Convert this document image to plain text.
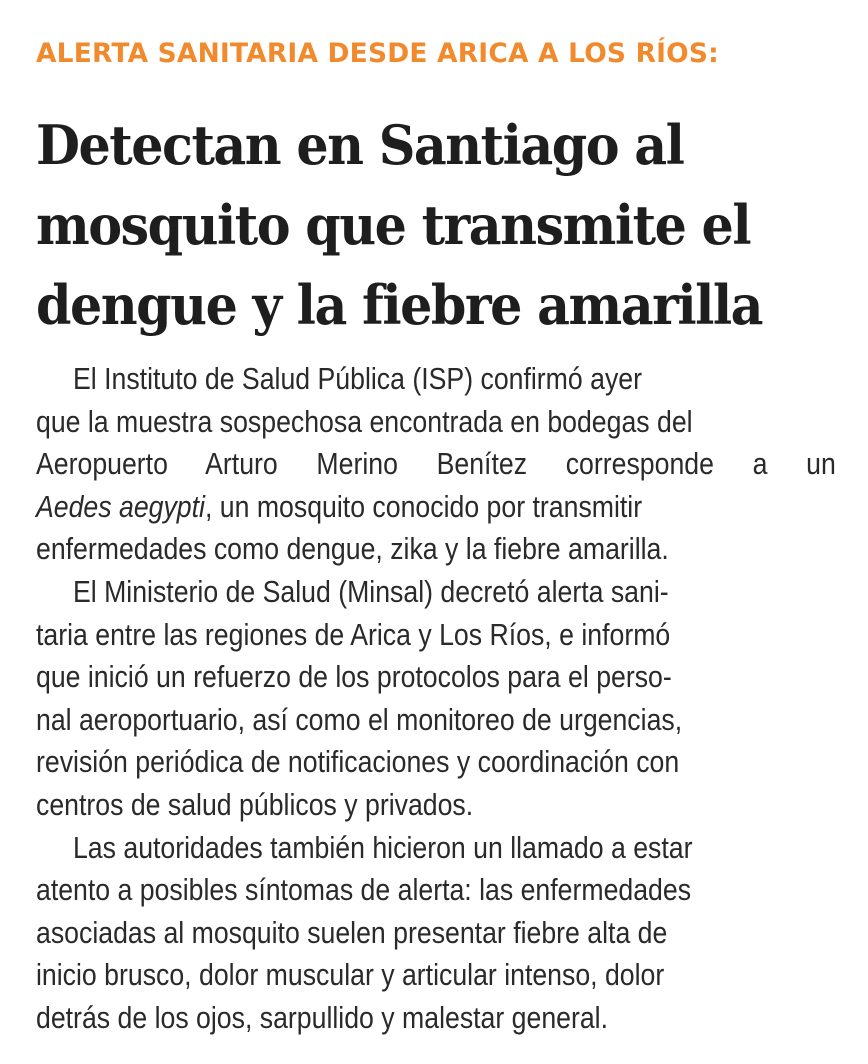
ALERTA SANITARIA DESDE ARICA A LOS RÍOS:
Detectan en Santiago al
mosquito que transmite el
dengue y la fiebre amarilla

El Instituto de Salud Pública (ISP) confirmó ayer
que la muestra sospechosa encontrada en bodegas del
Aeropuerto Arturo Merino Benítez corresponde a un
Aedes aegypti, un mosquito conocido por transmitir
enfermedades como dengue, zika y la fiebre amarilla.

El Ministerio de Salud (Minsal) decretó alerta sani-
taria entre las regiones de Arica y Los Ríos, e informó
que inició un refuerzo de los protocolos para el perso-
nal aeroportuario, así como el monitoreo de urgencias,
revisión periódica de notificaciones y coordinación con
centros de salud públicos y privados.

Las autoridades también hicieron un llamado a estar
atento a posibles síntomas de alerta: las enfermedades
asociadas al mosquito suelen presentar fiebre alta de
inicio brusco, dolor muscular y articular intenso, dolor
detrás de los ojos, sarpullido y malestar general.
